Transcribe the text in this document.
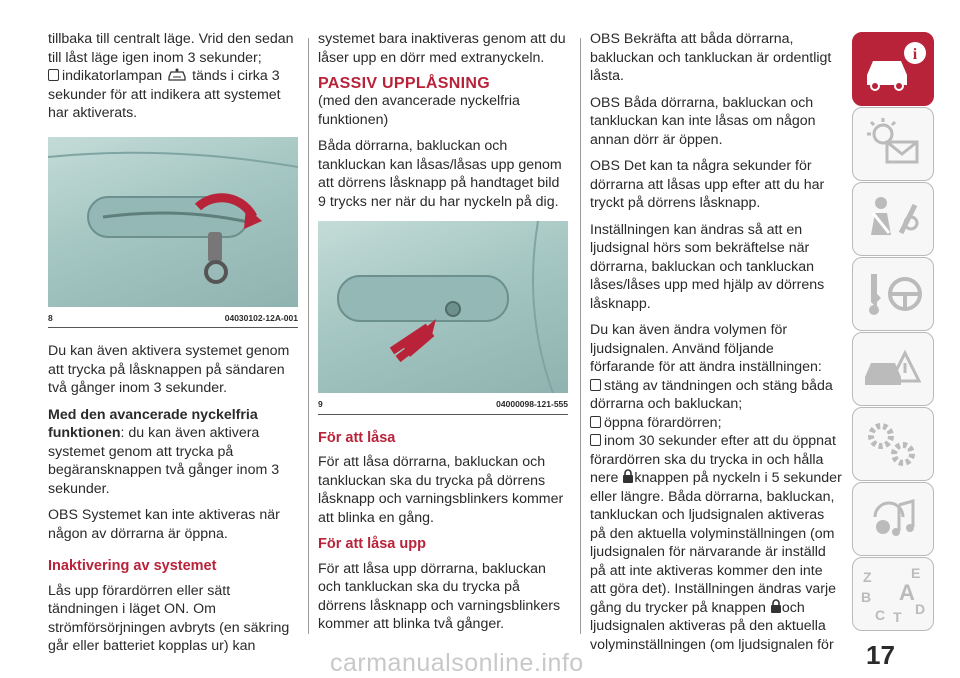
tillbaka till centralt läge. Vrid den sedan till låst läge igen inom 3 sekunder;
indikatorlampan tänds i cirka 3 sekunder för att indikera att systemet har aktiverats.

8	04030102-12A-001

Du kan även aktivera systemet genom att trycka på låsknappen på sändaren två gånger inom 3 sekunder.

Med den avancerade nyckelfria funktionen: du kan även aktivera systemet genom att trycka på begäransknappen två gånger inom 3 sekunder.

OBS Systemet kan inte aktiveras när någon av dörrarna är öppna.

Inaktivering av systemet

Lås upp förardörren eller sätt tändningen i läget ON. Om strömförsörjningen avbryts (en säkring går eller batteriet kopplas ur) kan

systemet bara inaktiveras genom att du låser upp en dörr med extranyckeln.

PASSIV UPPLÅSNING

(med den avancerade nyckelfria funktionen)

Båda dörrarna, bakluckan och tankluckan kan låsas/låsas upp genom att dörrens låsknapp på handtaget bild 9 trycks ner när du har nyckeln på dig.

9	04000098-121-555
För att låsa

För att låsa dörrarna, bakluckan och tankluckan ska du trycka på dörrens låsknapp och varningsblinkers kommer att blinka en gång.

För att låsa upp

För att låsa upp dörrarna, bakluckan och tankluckan ska du trycka på dörrens låsknapp och varningsblinkers kommer att blinka två gånger.

OBS Bekräfta att båda dörrarna, bakluckan och tankluckan är ordentligt låsta.

OBS Båda dörrarna, bakluckan och tankluckan kan inte låsas om någon annan dörr är öppen.

OBS Det kan ta några sekunder för dörrarna att låsas upp efter att du har tryckt på dörrens låsknapp.

Inställningen kan ändras så att en ljudsignal hörs som bekräftelse när dörrarna, bakluckan och tankluckan låses/låses upp med hjälp av dörrens låsknapp.

Du kan även ändra volymen för ljudsignalen. Använd följande förfarande för att ändra inställningen:

stäng av tändningen och stäng båda dörrarna och bakluckan;
öppna förardörren;
inom 30 sekunder efter att du öppnat förardörren ska du trycka in och hålla nere knappen på nyckeln i 5 sekunder eller längre. Båda dörrarna, bakluckan, tankluckan och ljudsignalen aktiveras på den aktuella volyminställningen (om ljudsignalen för närvarande är inställd på att inte aktiveras kommer den inte att göra det). Inställningen ändras varje gång du trycker på knappen och ljudsignalen aktiveras på den aktuella volyminställningen (om ljudsignalen för
i
Z	E
B A
C T D
17
carmanualsonline.info
